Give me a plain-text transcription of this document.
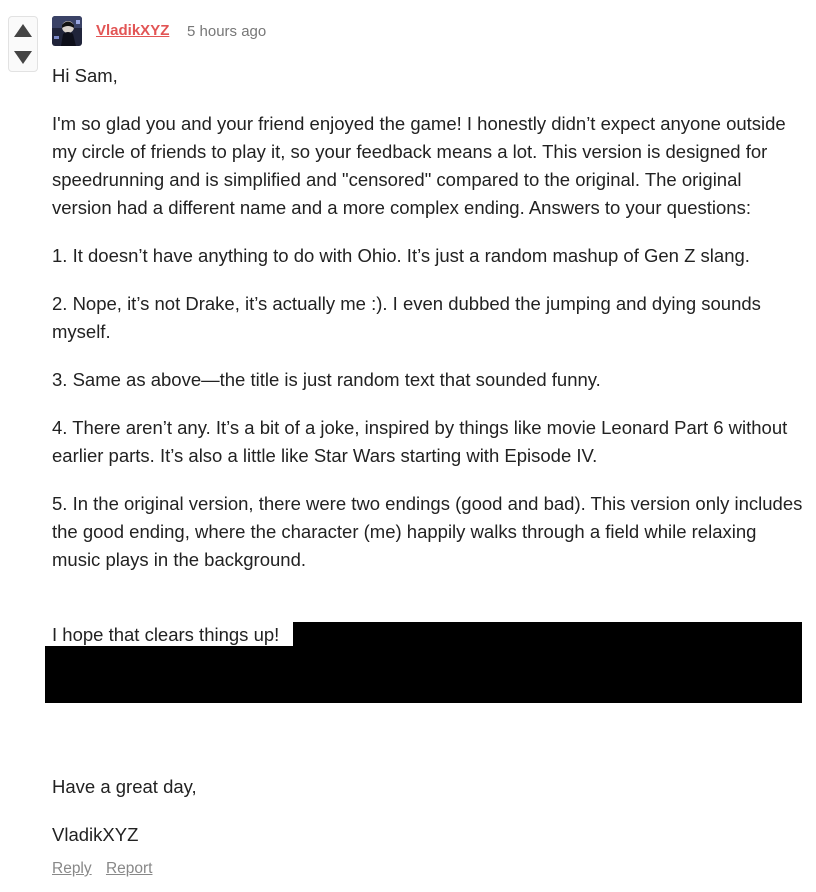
VladikXYZ 5 hours ago

Hi Sam,

I'm so glad you and your friend enjoyed the game! I honestly didn’t expect anyone outside my circle of friends to play it, so your feedback means a lot. This version is designed for speedrunning and is simplified and "censored" compared to the original. The original version had a different name and a more complex ending. Answers to your questions:

1. It doesn’t have anything to do with Ohio. It’s just a random mashup of Gen Z slang.

2. Nope, it’s not Drake, it’s actually me :). I even dubbed the jumping and dying sounds myself.

3. Same as above—the title is just random text that sounded funny.

4. There aren’t any. It’s a bit of a joke, inspired by things like movie Leonard Part 6 without earlier parts. It’s also a little like Star Wars starting with Episode IV.

5. In the original version, there were two endings (good and bad). This version only includes the good ending, where the character (me) happily walks through a field while relaxing music plays in the background.

I hope that clears things up!
Have a great day,
VladikXYZ
Reply Report
